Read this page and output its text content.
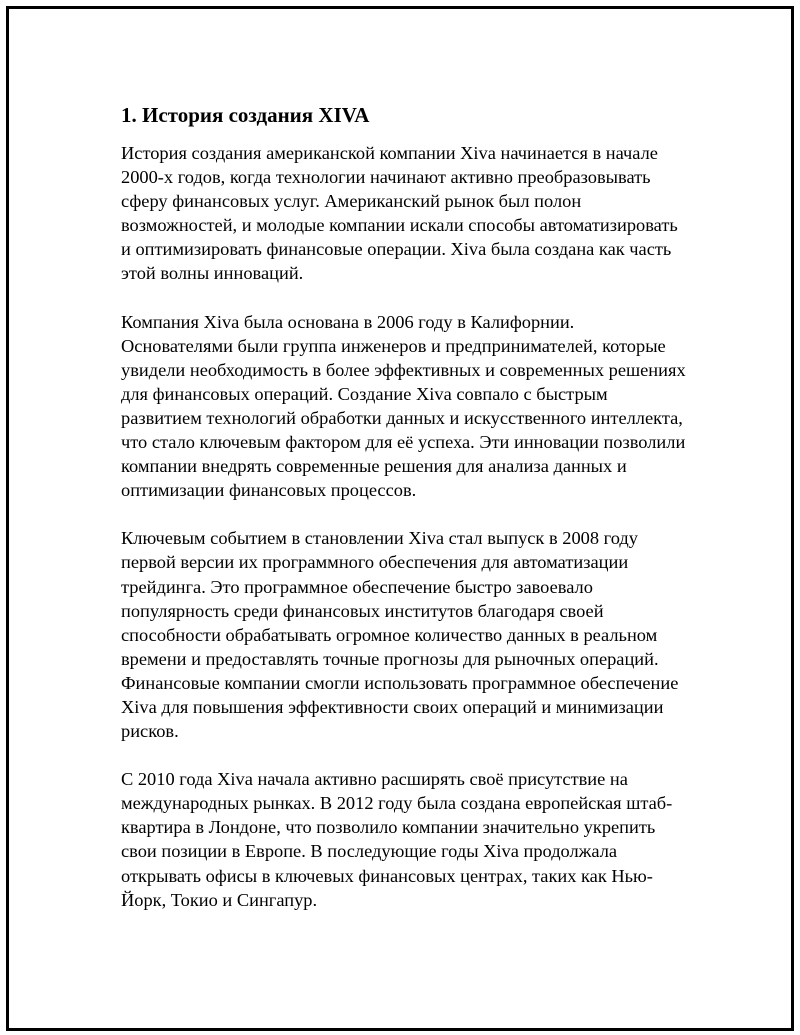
1. История создания XIVA
История создания американской компании Xiva начинается в начале
2000-х годов, когда технологии начинают активно преобразовывать
сферу финансовых услуг. Американский рынок был полон
возможностей, и молодые компании искали способы автоматизировать
и оптимизировать финансовые операции. Xiva была создана как часть
этой волны инноваций.
Компания Xiva была основана в 2006 году в Калифорнии.
Основателями были группа инженеров и предпринимателей, которые
увидели необходимость в более эффективных и современных решениях
для финансовых операций. Создание Xiva совпало с быстрым
развитием технологий обработки данных и искусственного интеллекта,
что стало ключевым фактором для её успеха. Эти инновации позволили
компании внедрять современные решения для анализа данных и
оптимизации финансовых процессов.
Ключевым событием в становлении Xiva стал выпуск в 2008 году
первой версии их программного обеспечения для автоматизации
трейдинга. Это программное обеспечение быстро завоевало
популярность среди финансовых институтов благодаря своей
способности обрабатывать огромное количество данных в реальном
времени и предоставлять точные прогнозы для рыночных операций.
Финансовые компании смогли использовать программное обеспечение
Xiva для повышения эффективности своих операций и минимизации
рисков.
С 2010 года Xiva начала активно расширять своё присутствие на
международных рынках. В 2012 году была создана европейская штаб-
квартира в Лондоне, что позволило компании значительно укрепить
свои позиции в Европе. В последующие годы Xiva продолжала
открывать офисы в ключевых финансовых центрах, таких как Нью-
Йорк, Токио и Сингапур.
